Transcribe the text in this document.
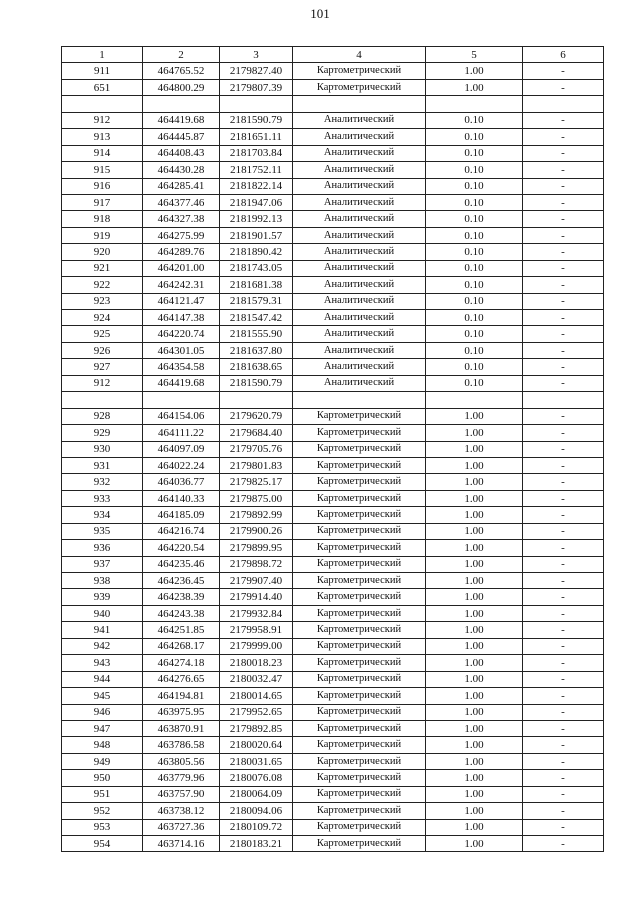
101
1	2	3	4	5	6
911	464765.52	2179827.40	Картометрический	1.00	-
651	464800.29	2179807.39	Картометрический	1.00	-

912	464419.68	2181590.79	Аналитический	0.10	-
913	464445.87	2181651.11	Аналитический	0.10	-
914	464408.43	2181703.84	Аналитический	0.10	-
915	464430.28	2181752.11	Аналитический	0.10	-
916	464285.41	2181822.14	Аналитический	0.10	-
917	464377.46	2181947.06	Аналитический	0.10	-
918	464327.38	2181992.13	Аналитический	0.10	-
919	464275.99	2181901.57	Аналитический	0.10	-
920	464289.76	2181890.42	Аналитический	0.10	-
921	464201.00	2181743.05	Аналитический	0.10	-
922	464242.31	2181681.38	Аналитический	0.10	-
923	464121.47	2181579.31	Аналитический	0.10	-
924	464147.38	2181547.42	Аналитический	0.10	-
925	464220.74	2181555.90	Аналитический	0.10	-
926	464301.05	2181637.80	Аналитический	0.10	-
927	464354.58	2181638.65	Аналитический	0.10	-
912	464419.68	2181590.79	Аналитический	0.10	-

928	464154.06	2179620.79	Картометрический	1.00	-
929	464111.22	2179684.40	Картометрический	1.00	-
930	464097.09	2179705.76	Картометрический	1.00	-
931	464022.24	2179801.83	Картометрический	1.00	-
932	464036.77	2179825.17	Картометрический	1.00	-
933	464140.33	2179875.00	Картометрический	1.00	-
934	464185.09	2179892.99	Картометрический	1.00	-
935	464216.74	2179900.26	Картометрический	1.00	-
936	464220.54	2179899.95	Картометрический	1.00	-
937	464235.46	2179898.72	Картометрический	1.00	-
938	464236.45	2179907.40	Картометрический	1.00	-
939	464238.39	2179914.40	Картометрический	1.00	-
940	464243.38	2179932.84	Картометрический	1.00	-
941	464251.85	2179958.91	Картометрический	1.00	-
942	464268.17	2179999.00	Картометрический	1.00	-
943	464274.18	2180018.23	Картометрический	1.00	-
944	464276.65	2180032.47	Картометрический	1.00	-
945	464194.81	2180014.65	Картометрический	1.00	-
946	463975.95	2179952.65	Картометрический	1.00	-
947	463870.91	2179892.85	Картометрический	1.00	-
948	463786.58	2180020.64	Картометрический	1.00	-
949	463805.56	2180031.65	Картометрический	1.00	-
950	463779.96	2180076.08	Картометрический	1.00	-
951	463757.90	2180064.09	Картометрический	1.00	-
952	463738.12	2180094.06	Картометрический	1.00	-
953	463727.36	2180109.72	Картометрический	1.00	-
954	463714.16	2180183.21	Картометрический	1.00	-
